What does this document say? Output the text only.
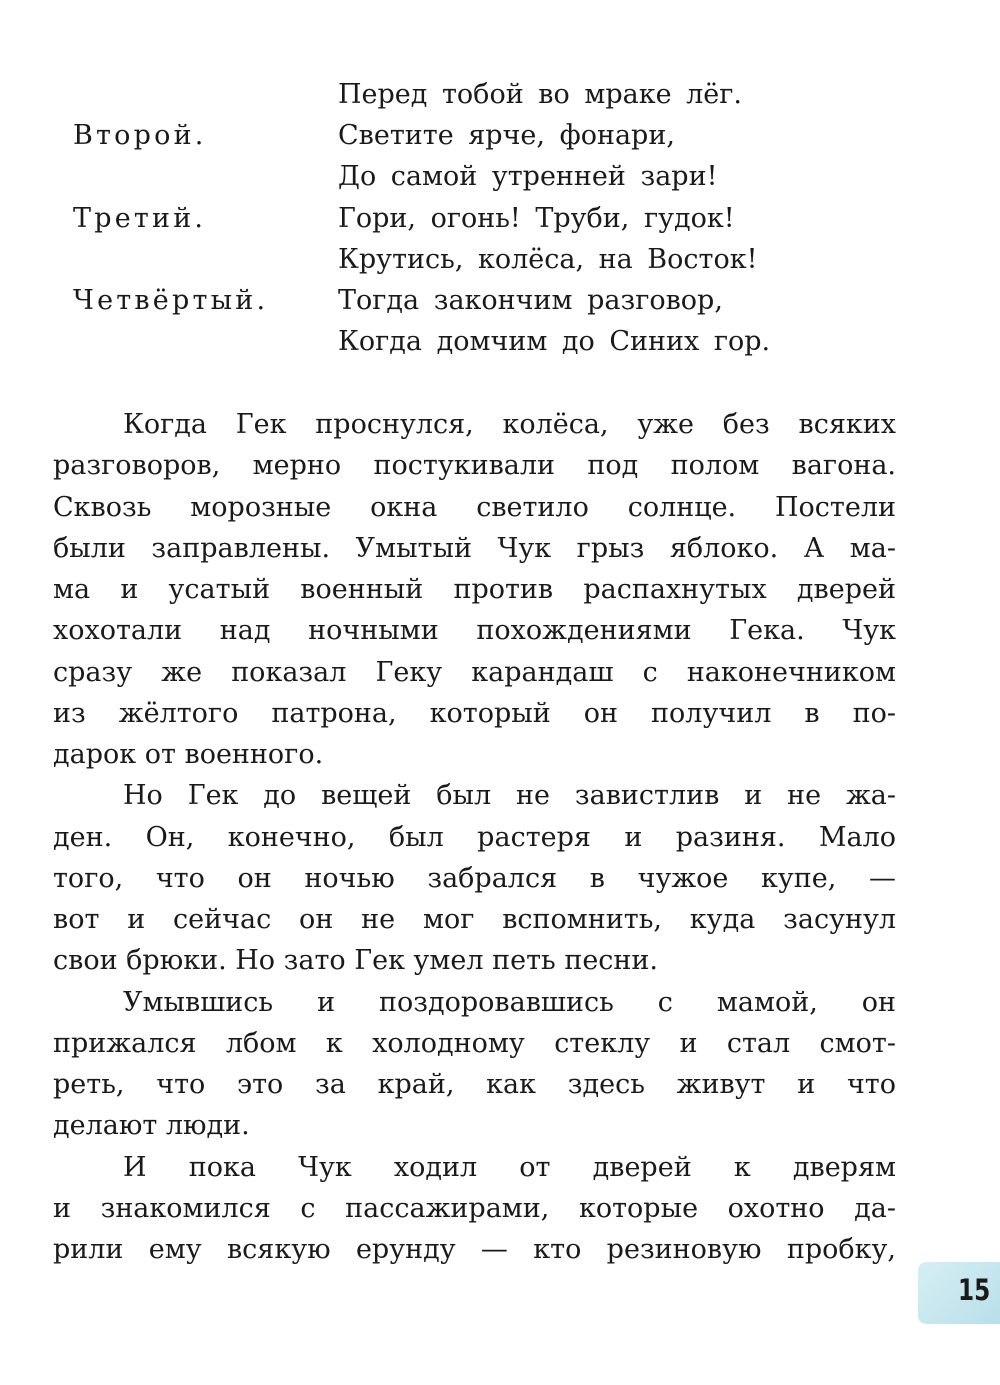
Перед тобой во мраке лёг.
Второй.	Светите ярче, фонари,
До самой утренней зари!
Третий.	Гори, огонь! Труби, гудок!
Крутись, колёса, на Восток!
Четвёртый.	Тогда закончим разговор,
Когда домчим до Синих гор.
Когда Гек проснулся, колёса, уже без всяких
разговоров, мерно постукивали под полом вагона.
Сквозь морозные окна светило солнце. Постели
были заправлены. Умытый Чук грыз яблоко. А ма-
ма и усатый военный против распахнутых дверей
хохотали над ночными похождениями Гека. Чук
сразу же показал Геку карандаш с наконечником
из жёлтого патрона, который он получил в по-
дарок от военного.
Но Гек до вещей был не завистлив и не жа-
ден. Он, конечно, был растеря и разиня. Мало
того, что он ночью забрался в чужое купе, —
вот и сейчас он не мог вспомнить, куда засунул
свои брюки. Но зато Гек умел петь песни.
Умывшись и поздоровавшись с мамой, он
прижался лбом к холодному стеклу и стал смот-
реть, что это за край, как здесь живут и что
делают люди.
И пока Чук ходил от дверей к дверям
и знакомился с пассажирами, которые охотно да-
рили ему всякую ерунду — кто резиновую пробку,
15
